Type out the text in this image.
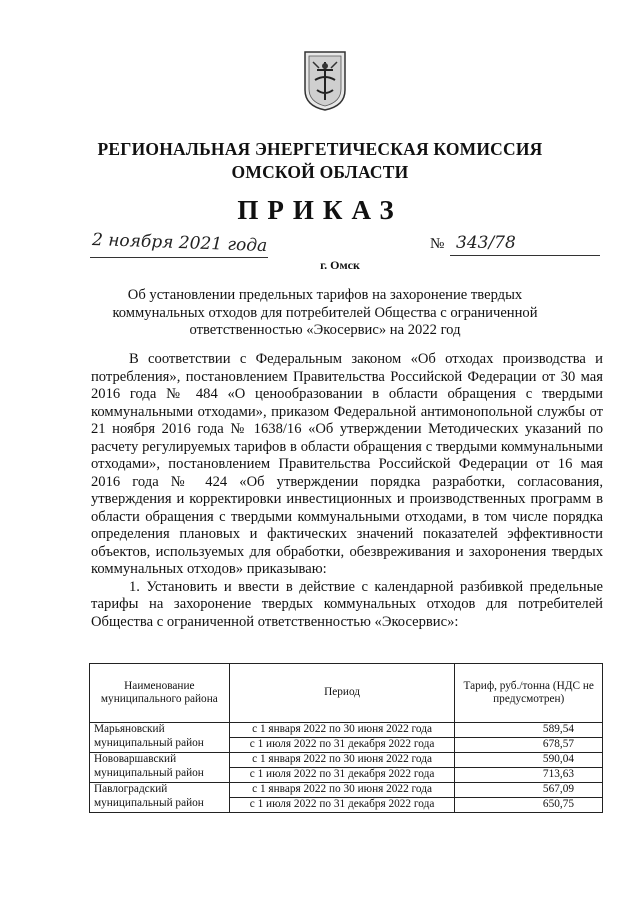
РЕГИОНАЛЬНАЯ ЭНЕРГЕТИЧЕСКАЯ КОМИССИЯ
ОМСКОЙ ОБЛАСТИ
ПРИКАЗ
2 ноября 2021 года	№ 343/78
г. Омск
Об установлении предельных тарифов на захоронение твердых коммунальных отходов для потребителей Общества с ограниченной ответственностью «Экосервис» на 2022 год

В соответствии с Федеральным законом «Об отходах производства и потребления», постановлением Правительства Российской Федерации от 30 мая 2016 года № 484 «О ценообразовании в области обращения с твердыми коммунальными отходами», приказом Федеральной антимонопольной службы от 21 ноября 2016 года № 1638/16 «Об утверждении Методических указаний по расчету регулируемых тарифов в области обращения с твердыми коммунальными отходами», постановлением Правительства Российской Федерации от 16 мая 2016 года № 424 «Об утверждении порядка разработки, согласования, утверждения и корректировки инвестиционных и производственных программ в области обращения с твердыми коммунальными отходами, в том числе порядка определения плановых и фактических значений показателей эффективности объектов, используемых для обработки, обезвреживания и захоронения твердых коммунальных отходов» приказываю:

1. Установить и ввести в действие с календарной разбивкой предельные тарифы на захоронение твердых коммунальных отходов для потребителей Общества с ограниченной ответственностью «Экосервис»:

Наименование муниципального района	Период	Тариф, руб./тонна (НДС не предусмотрен)
Марьяновский муниципальный район	с 1 января 2022 по 30 июня 2022 года	589,54
	с 1 июля 2022 по 31 декабря 2022 года	678,57
Нововаршавский муниципальный район	с 1 января 2022 по 30 июня 2022 года	590,04
	с 1 июля 2022 по 31 декабря 2022 года	713,63
Павлоградский муниципальный район	с 1 января 2022 по 30 июня 2022 года	567,09
	с 1 июля 2022 по 31 декабря 2022 года	650,75
